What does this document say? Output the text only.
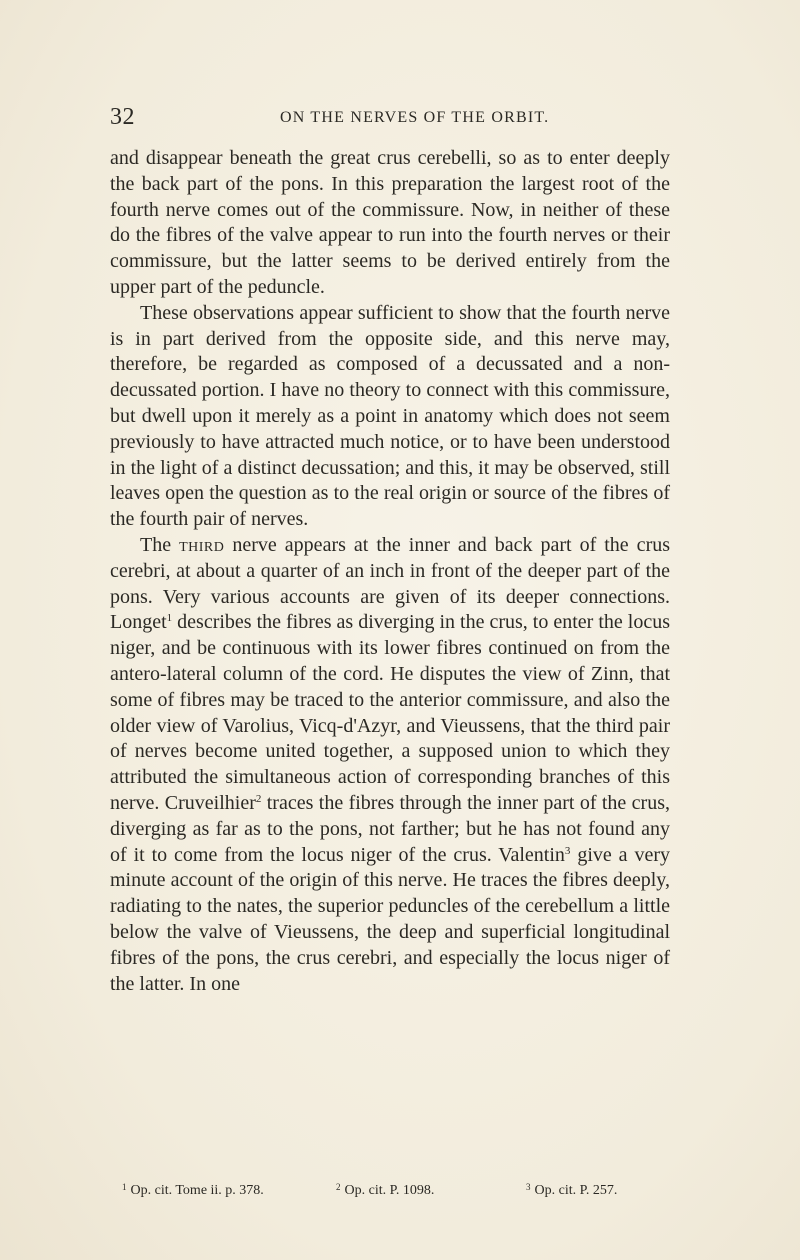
32	ON THE NERVES OF THE ORBIT.

and disappear beneath the great crus cerebelli, so as to enter deeply the back part of the pons. In this preparation the largest root of the fourth nerve comes out of the commissure. Now, in neither of these do the fibres of the valve appear to run into the fourth nerves or their commissure, but the latter seems to be derived entirely from the upper part of the peduncle.

These observations appear sufficient to show that the fourth nerve is in part derived from the opposite side, and this nerve may, therefore, be regarded as composed of a decussated and a non-decussated portion. I have no theory to connect with this commissure, but dwell upon it merely as a point in anatomy which does not seem previously to have attracted much notice, or to have been understood in the light of a distinct decussation; and this, it may be observed, still leaves open the question as to the real origin or source of the fibres of the fourth pair of nerves.

The third nerve appears at the inner and back part of the crus cerebri, at about a quarter of an inch in front of the deeper part of the pons. Very various accounts are given of its deeper connections. Longet$^1$ describes the fibres as diverging in the crus, to enter the locus niger, and be continuous with its lower fibres continued on from the antero-lateral column of the cord. He disputes the view of Zinn, that some of fibres may be traced to the anterior commissure, and also the older view of Varolius, Vicq-d'Azyr, and Vieussens, that the third pair of nerves become united together, a supposed union to which they attributed the simultaneous action of corresponding branches of this nerve. Cruveilhier$^2$ traces the fibres through the inner part of the crus, diverging as far as to the pons, not farther; but he has not found any of it to come from the locus niger of the crus. Valentin$^3$ give a very minute account of the origin of this nerve. He traces the fibres deeply, radiating to the nates, the superior peduncles of the cerebellum a little below the valve of Vieussens, the deep and superficial longitudinal fibres of the pons, the crus cerebri, and especially the locus niger of the latter. In one

$^1$ Op. cit. Tome ii. p. 378.	$^2$ Op. cit. P. 1098.	$^3$ Op. cit. P. 257.
